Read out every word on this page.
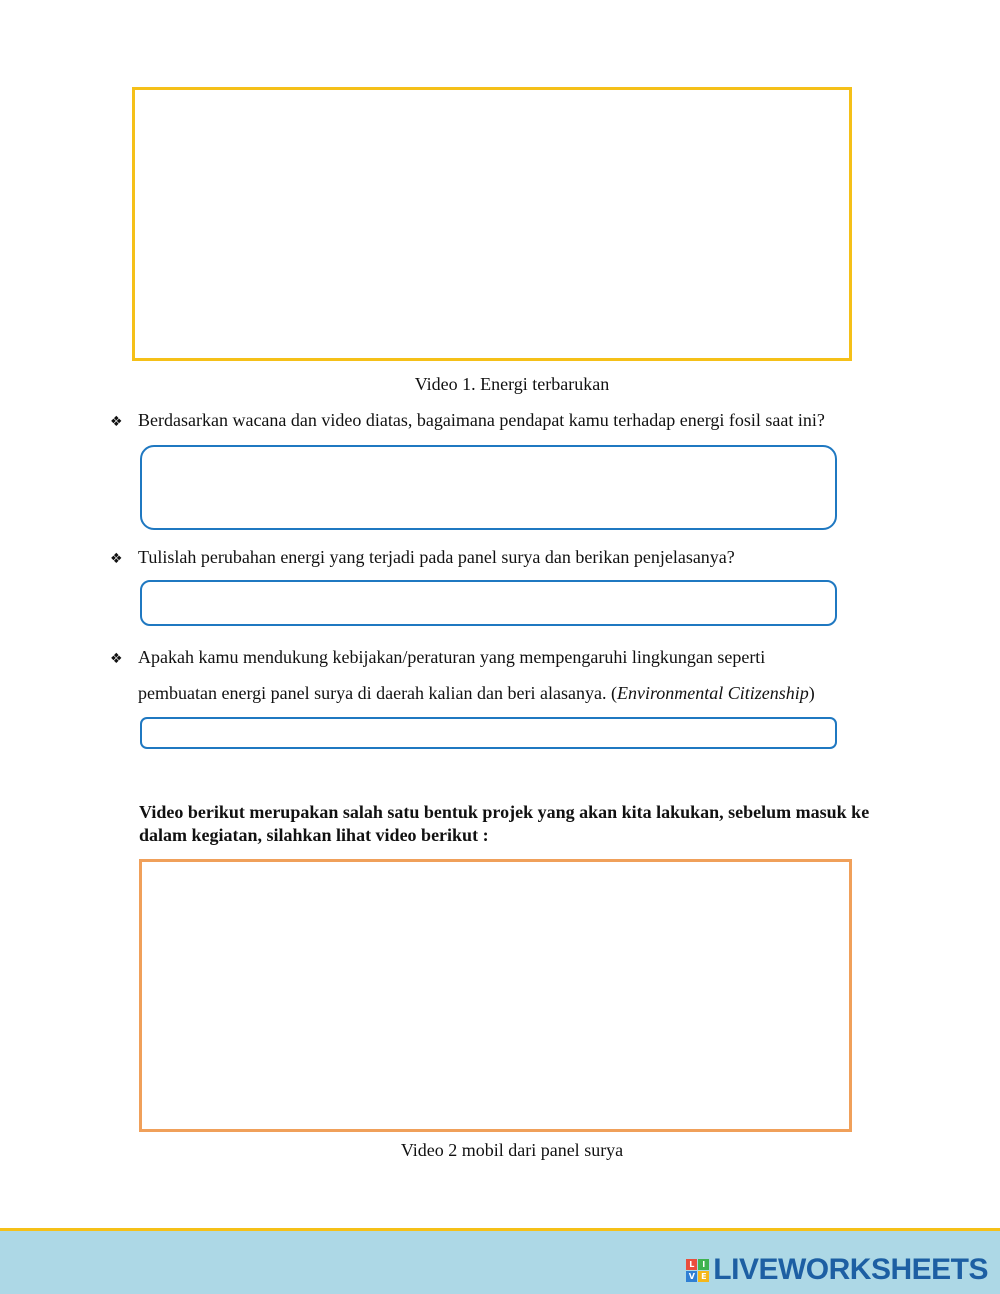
Video 1. Energi terbarukan
❖ Berdasarkan wacana dan video diatas, bagaimana pendapat kamu terhadap energi fosil saat ini?
❖ Tulislah perubahan energi yang terjadi pada panel surya dan berikan penjelasanya?
❖ Apakah kamu mendukung kebijakan/peraturan yang mempengaruhi lingkungan seperti
pembuatan energi panel surya di daerah kalian dan beri alasanya. (Environmental Citizenship)
Video berikut merupakan salah satu bentuk projek yang akan kita lakukan, sebelum masuk ke dalam kegiatan, silahkan lihat video berikut :
Video 2 mobil dari panel surya
L I
V E LIVEWORKSHEETS
